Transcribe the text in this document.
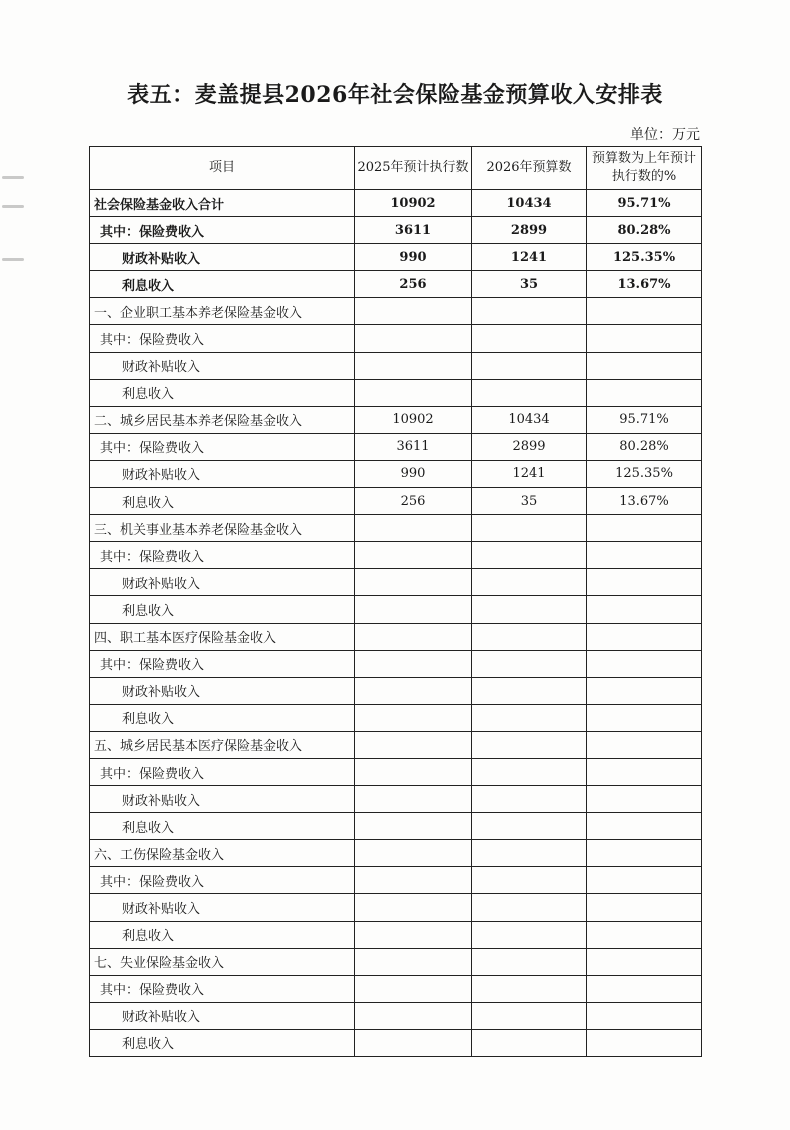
表五：麦盖提县2026年社会保险基金预算收入安排表
单位：万元
项目	2025年预计执行数	2026年预算数	预算数为上年预计执行数的%
社会保险基金收入合计	10902	10434	95.71%
其中：保险费收入	3611	2899	80.28%
财政补贴收入	990	1241	125.35%
利息收入	256	35	13.67%
一、企业职工基本养老保险基金收入			
其中：保险费收入			
财政补贴收入			
利息收入			
二、城乡居民基本养老保险基金收入	10902	10434	95.71%
其中：保险费收入	3611	2899	80.28%
财政补贴收入	990	1241	125.35%
利息收入	256	35	13.67%
三、机关事业基本养老保险基金收入			
其中：保险费收入			
财政补贴收入			
利息收入			
四、职工基本医疗保险基金收入			
其中：保险费收入			
财政补贴收入			
利息收入			
五、城乡居民基本医疗保险基金收入			
其中：保险费收入			
财政补贴收入			
利息收入			
六、工伤保险基金收入			
其中：保险费收入			
财政补贴收入			
利息收入			
七、失业保险基金收入			
其中：保险费收入			
财政补贴收入			
利息收入			
